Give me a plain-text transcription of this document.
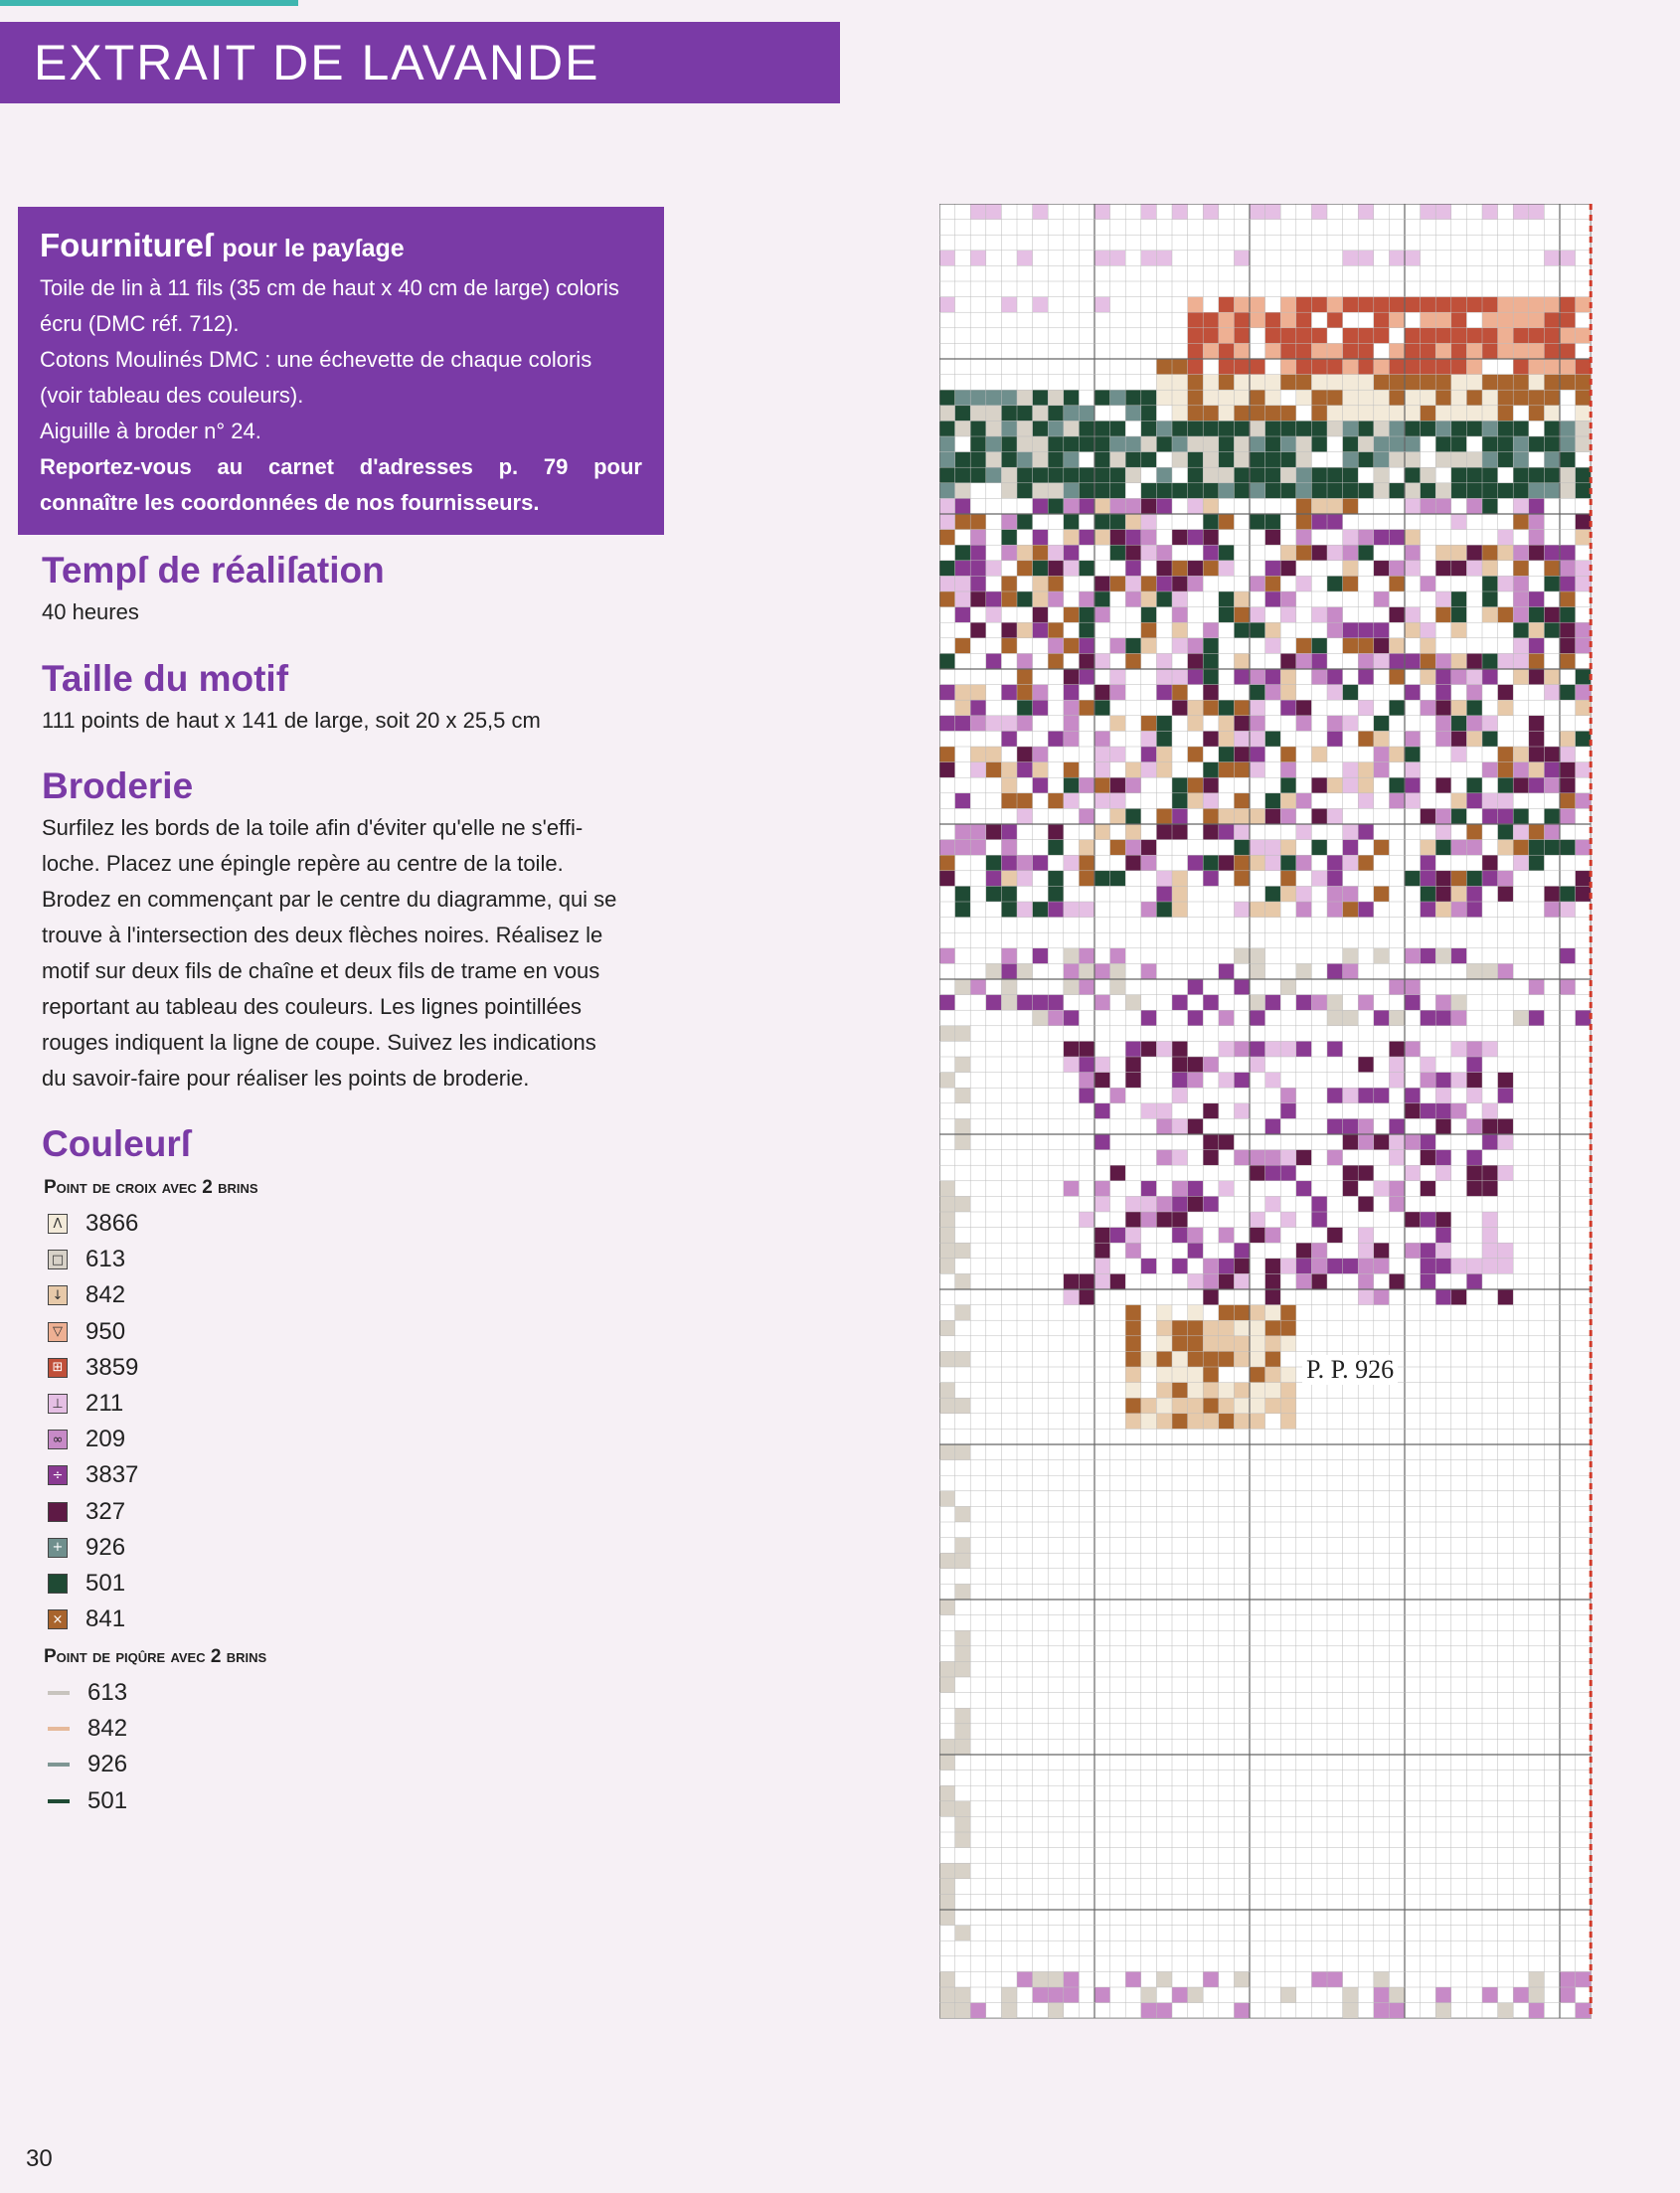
EXTRAIT DE LAVANDE
Fournitureſ pour le payſage
Toile de lin à 11 fils (35 cm de haut x 40 cm de large) coloris
écru (DMC réf. 712).
Cotons Moulinés DMC : une échevette de chaque coloris
(voir tableau des couleurs).
Aiguille à broder n° 24.
Reportez-vous au carnet d'adresses p. 79 pour
connaître les coordonnées de nos fournisseurs.
Tempſ de réaliſation
40 heures
Taille du motif
111 points de haut x 141 de large, soit 20 x 25,5 cm
Broderie
Surfilez les bords de la toile afin d'éviter qu'elle ne s'effi-
loche. Placez une épingle repère au centre de la toile.
Brodez en commençant par le centre du diagramme, qui se
trouve à l'intersection des deux flèches noires. Réalisez le
motif sur deux fils de chaîne et deux fils de trame en vous
reportant au tableau des couleurs. Les lignes pointillées
rouges indiquent la ligne de coupe. Suivez les indications
du savoir-faire pour réaliser les points de broderie.
Couleurſ
Point de croix avec 2 brins
Λ 3866
□ 613
↓ 842
▽ 950
⊞ 3859
⊥ 211
∞ 209
÷ 3837
327
+ 926
501
× 841
Point de piqûre avec 2 brins
613
842
926
501
30
P. P. 926
